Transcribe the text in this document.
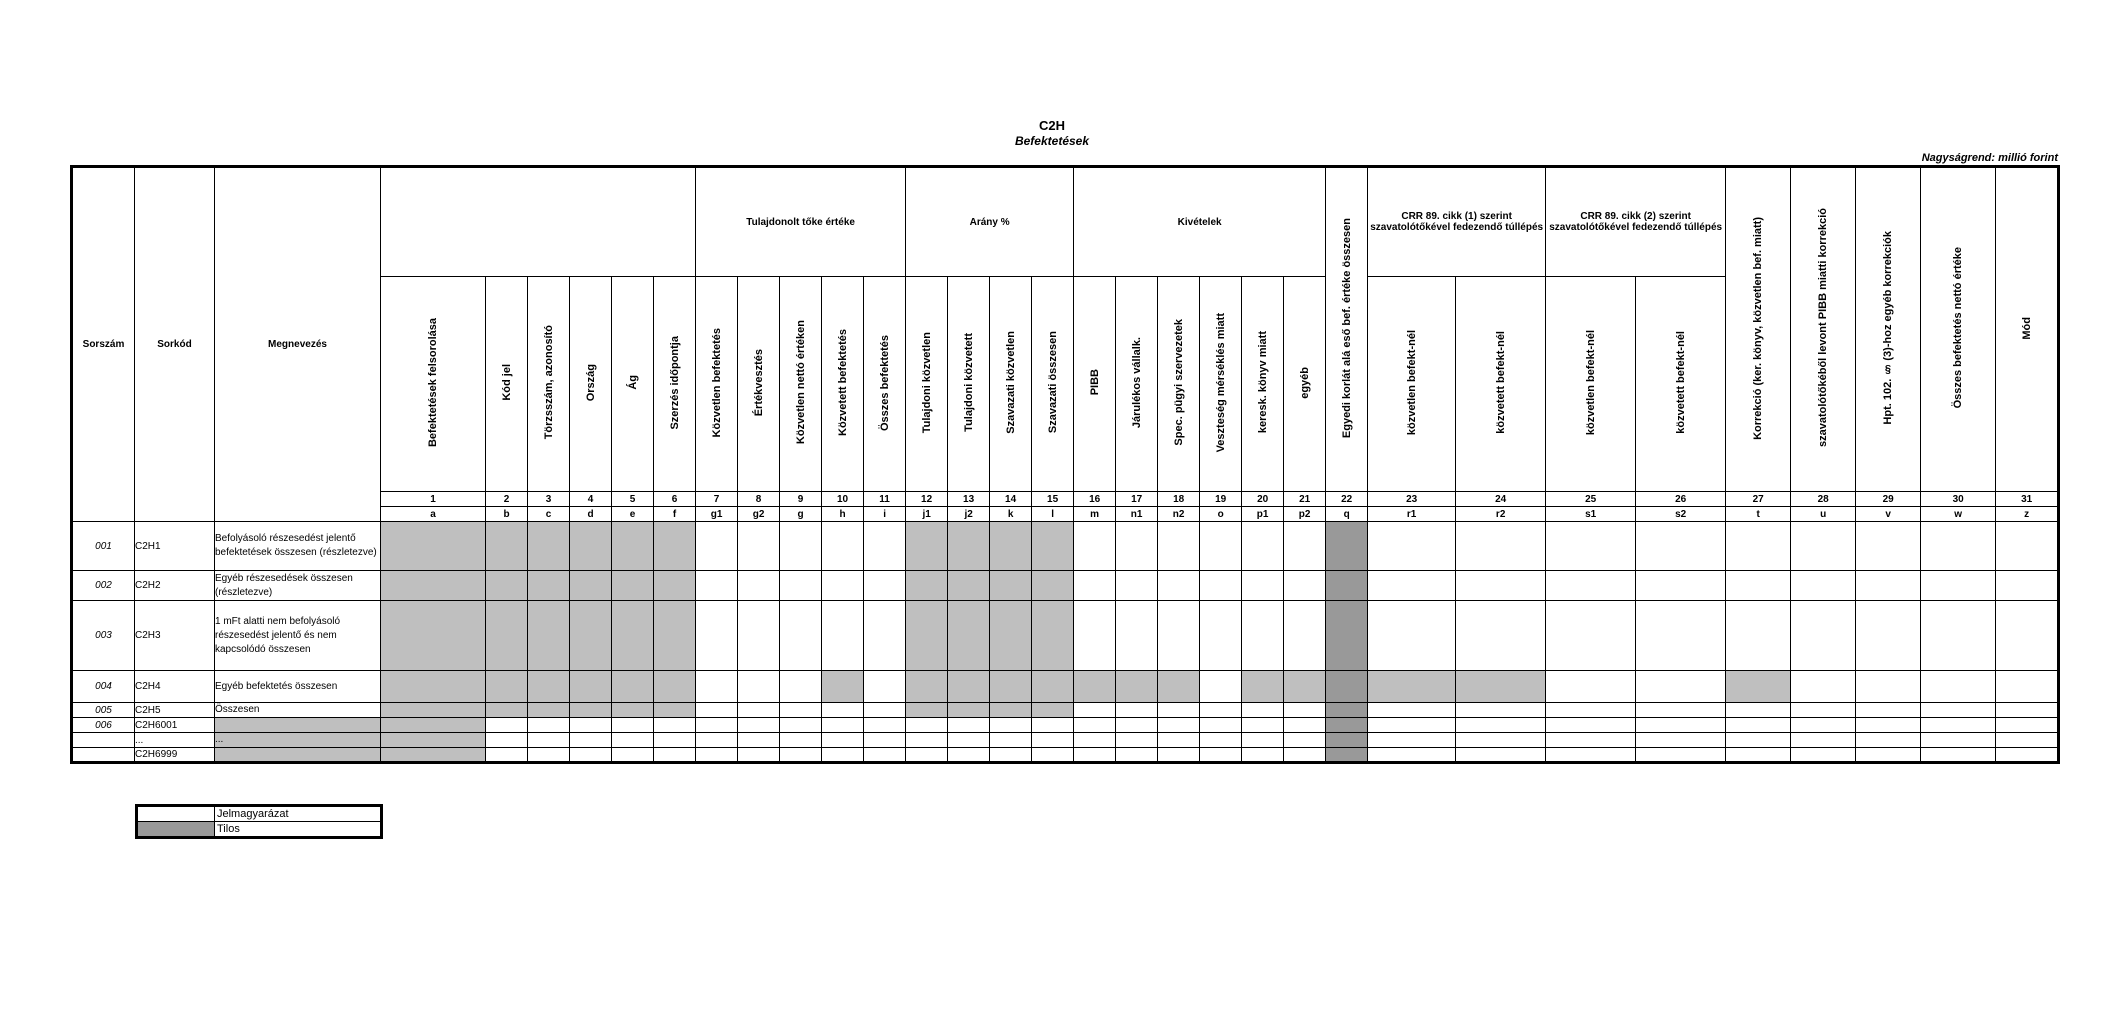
C2H
Befektetések
Nagyságrend: millió forint
Sorszám	Sorkód	Megnevezés							Tulajdonolt tőke értéke					Arány %				Kivételek						Egyedi korlát alá eső bef. értéke összesen	CRR 89. cikk (1) szerint szavatolótőkével fedezendő túllépés		CRR 89. cikk (2) szerint szavatolótőkével fedezendő túllépés		Korrekció (ker. könyv, közvetlen bef. miatt)	szavatolótőkéből levont PIBB miatti korrekció	Hpt. 102. § (3)-hoz egyéb korrekciók	Összes befektetés nettó értéke	Mód
			Befektetések felsorolása	Kód jel	Törzsszám, azonosító	Ország	Ág	Szerzés időpontja	Közvetlen befektetés	Értékvesztés	Közvetlen nettó értéken	Közvetett befektetés	Összes befektetés	Tulajdoni közvetlen	Tulajdoni közvetett	Szavazati közvetlen	Szavazati összesen	PIBB	Járulékos vállalk.	Spec. pügyi szervezetek	Veszteség mérséklés miatt	keresk. könyv miatt	egyéb		közvetlen befekt-nél	közvetett befekt-nél	közvetlen befekt-nél	közvetett befekt-nél					
			1	2	3	4	5	6	7	8	9	10	11	12	13	14	15	16	17	18	19	20	21	22	23	24	25	26	27	28	29	30	31
			a	b	c	d	e	f	g1	g2	g	h	i	j1	j2	k	l	m	n1	n2	o	p1	p2	q	r1	r2	s1	s2	t	u	v	w	z
001	C2H1	Befolyásoló részesedést jelentő befektetések összesen (részletezve)																															
002	C2H2	Egyéb részesedések összesen (részletezve)																															
003	C2H3	1 mFt alatti nem befolyásoló részesedést jelentő és nem kapcsolódó összesen																															
004	C2H4	Egyéb befektetés összesen																															
005	C2H5	Összesen																															
006	C2H6001																																
	...	...																															
	C2H6999																																
	Jelmagyarázat
	Tilos
